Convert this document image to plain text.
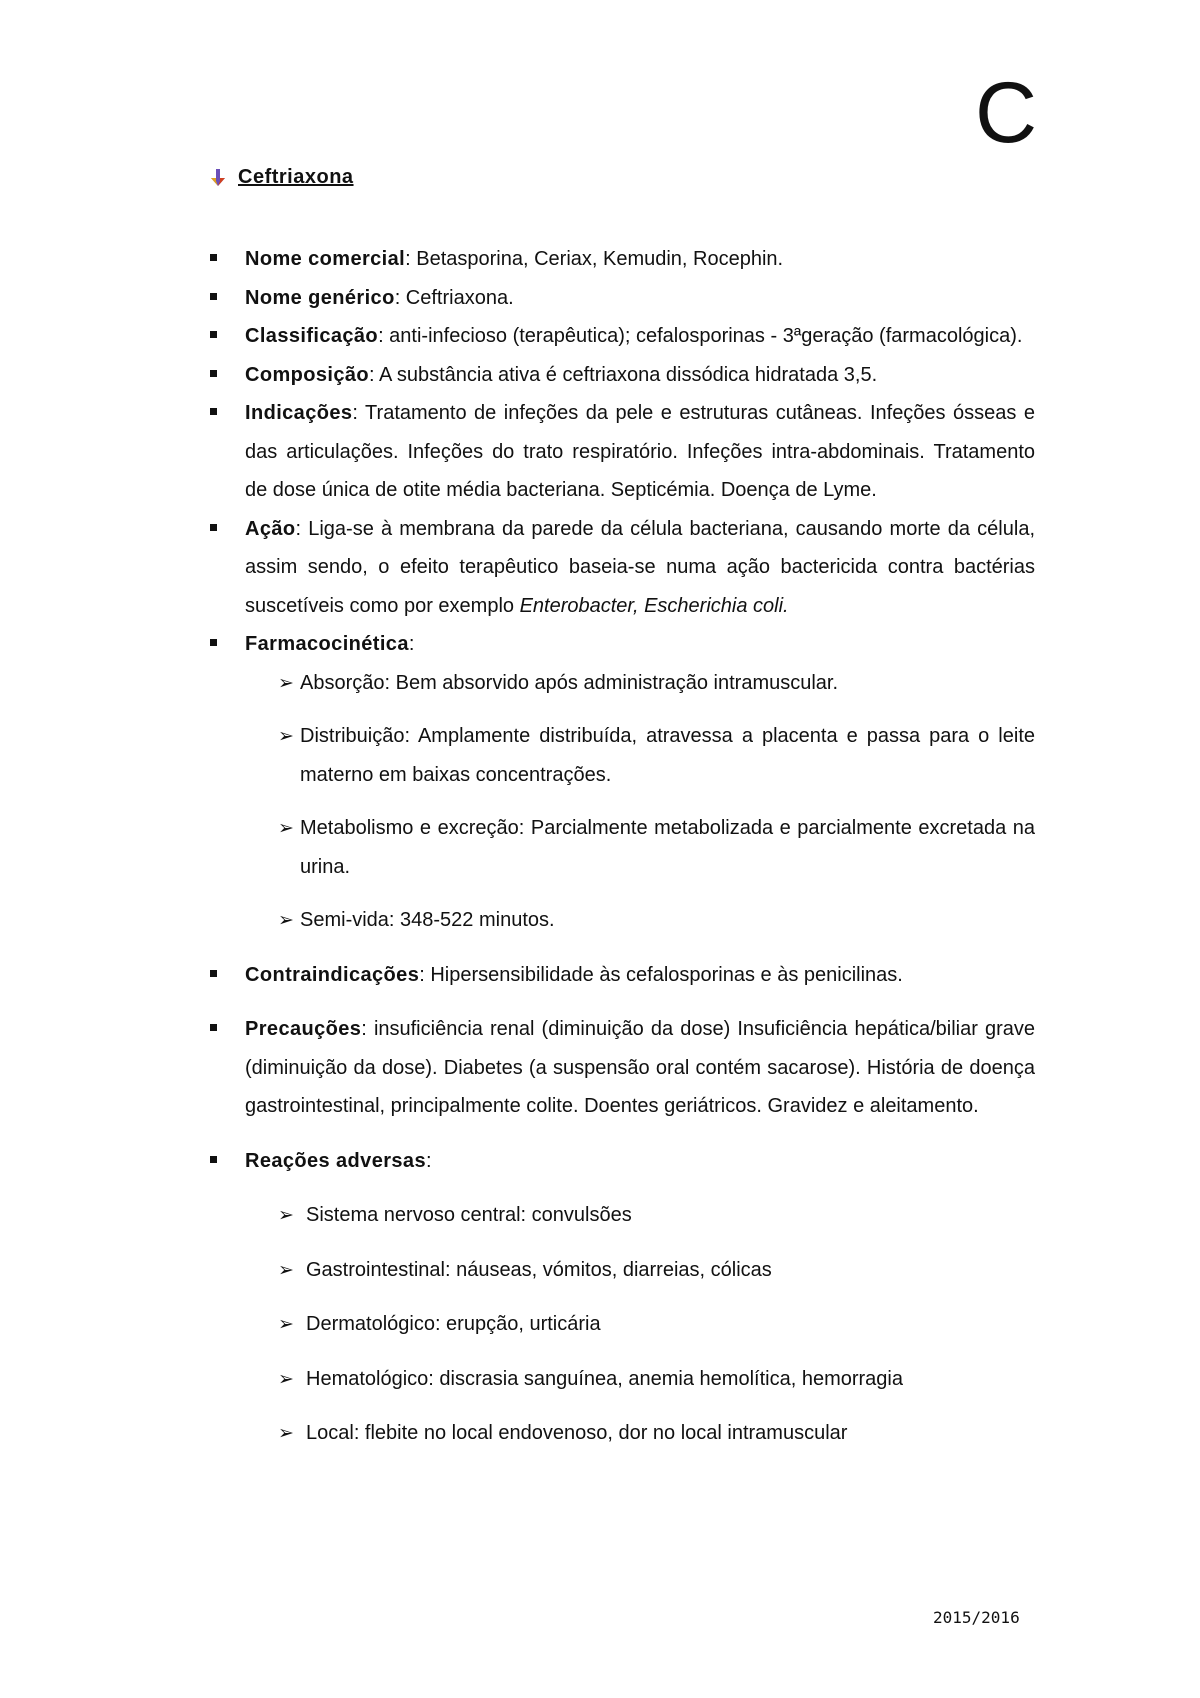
C
Ceftriaxona
Nome comercial: Betasporina, Ceriax, Kemudin, Rocephin.
Nome genérico: Ceftriaxona.
Classificação: anti-infecioso (terapêutica); cefalosporinas - 3ªgeração (farmacológica).
Composição: A substância ativa é ceftriaxona dissódica hidratada 3,5.
Indicações: Tratamento de infeções da pele e estruturas cutâneas. Infeções ósseas e das articulações. Infeções do trato respiratório. Infeções intra-abdominais. Tratamento de dose única de otite média bacteriana. Septicémia. Doença de Lyme.
Ação: Liga-se à membrana da parede da célula bacteriana, causando morte da célula, assim sendo, o efeito terapêutico baseia-se numa ação bactericida contra bactérias suscetíveis como por exemplo Enterobacter, Escherichia coli.
Farmacocinética:
➢ Absorção: Bem absorvido após administração intramuscular.
➢ Distribuição: Amplamente distribuída, atravessa a placenta e passa para o leite materno em baixas concentrações.
➢ Metabolismo e excreção: Parcialmente metabolizada e parcialmente excretada na urina.
➢ Semi-vida: 348-522 minutos.
Contraindicações: Hipersensibilidade às cefalosporinas e às penicilinas.
Precauções: insuficiência renal (diminuição da dose) Insuficiência hepática/biliar grave (diminuição da dose). Diabetes (a suspensão oral contém sacarose). História de doença gastrointestinal, principalmente colite. Doentes geriátricos. Gravidez e aleitamento.
Reações adversas:
➢ Sistema nervoso central: convulsões
➢ Gastrointestinal: náuseas, vómitos, diarreias, cólicas
➢ Dermatológico: erupção, urticária
➢ Hematológico: discrasia sanguínea, anemia hemolítica, hemorragia
➢ Local: flebite no local endovenoso, dor no local intramuscular
2015/2016
